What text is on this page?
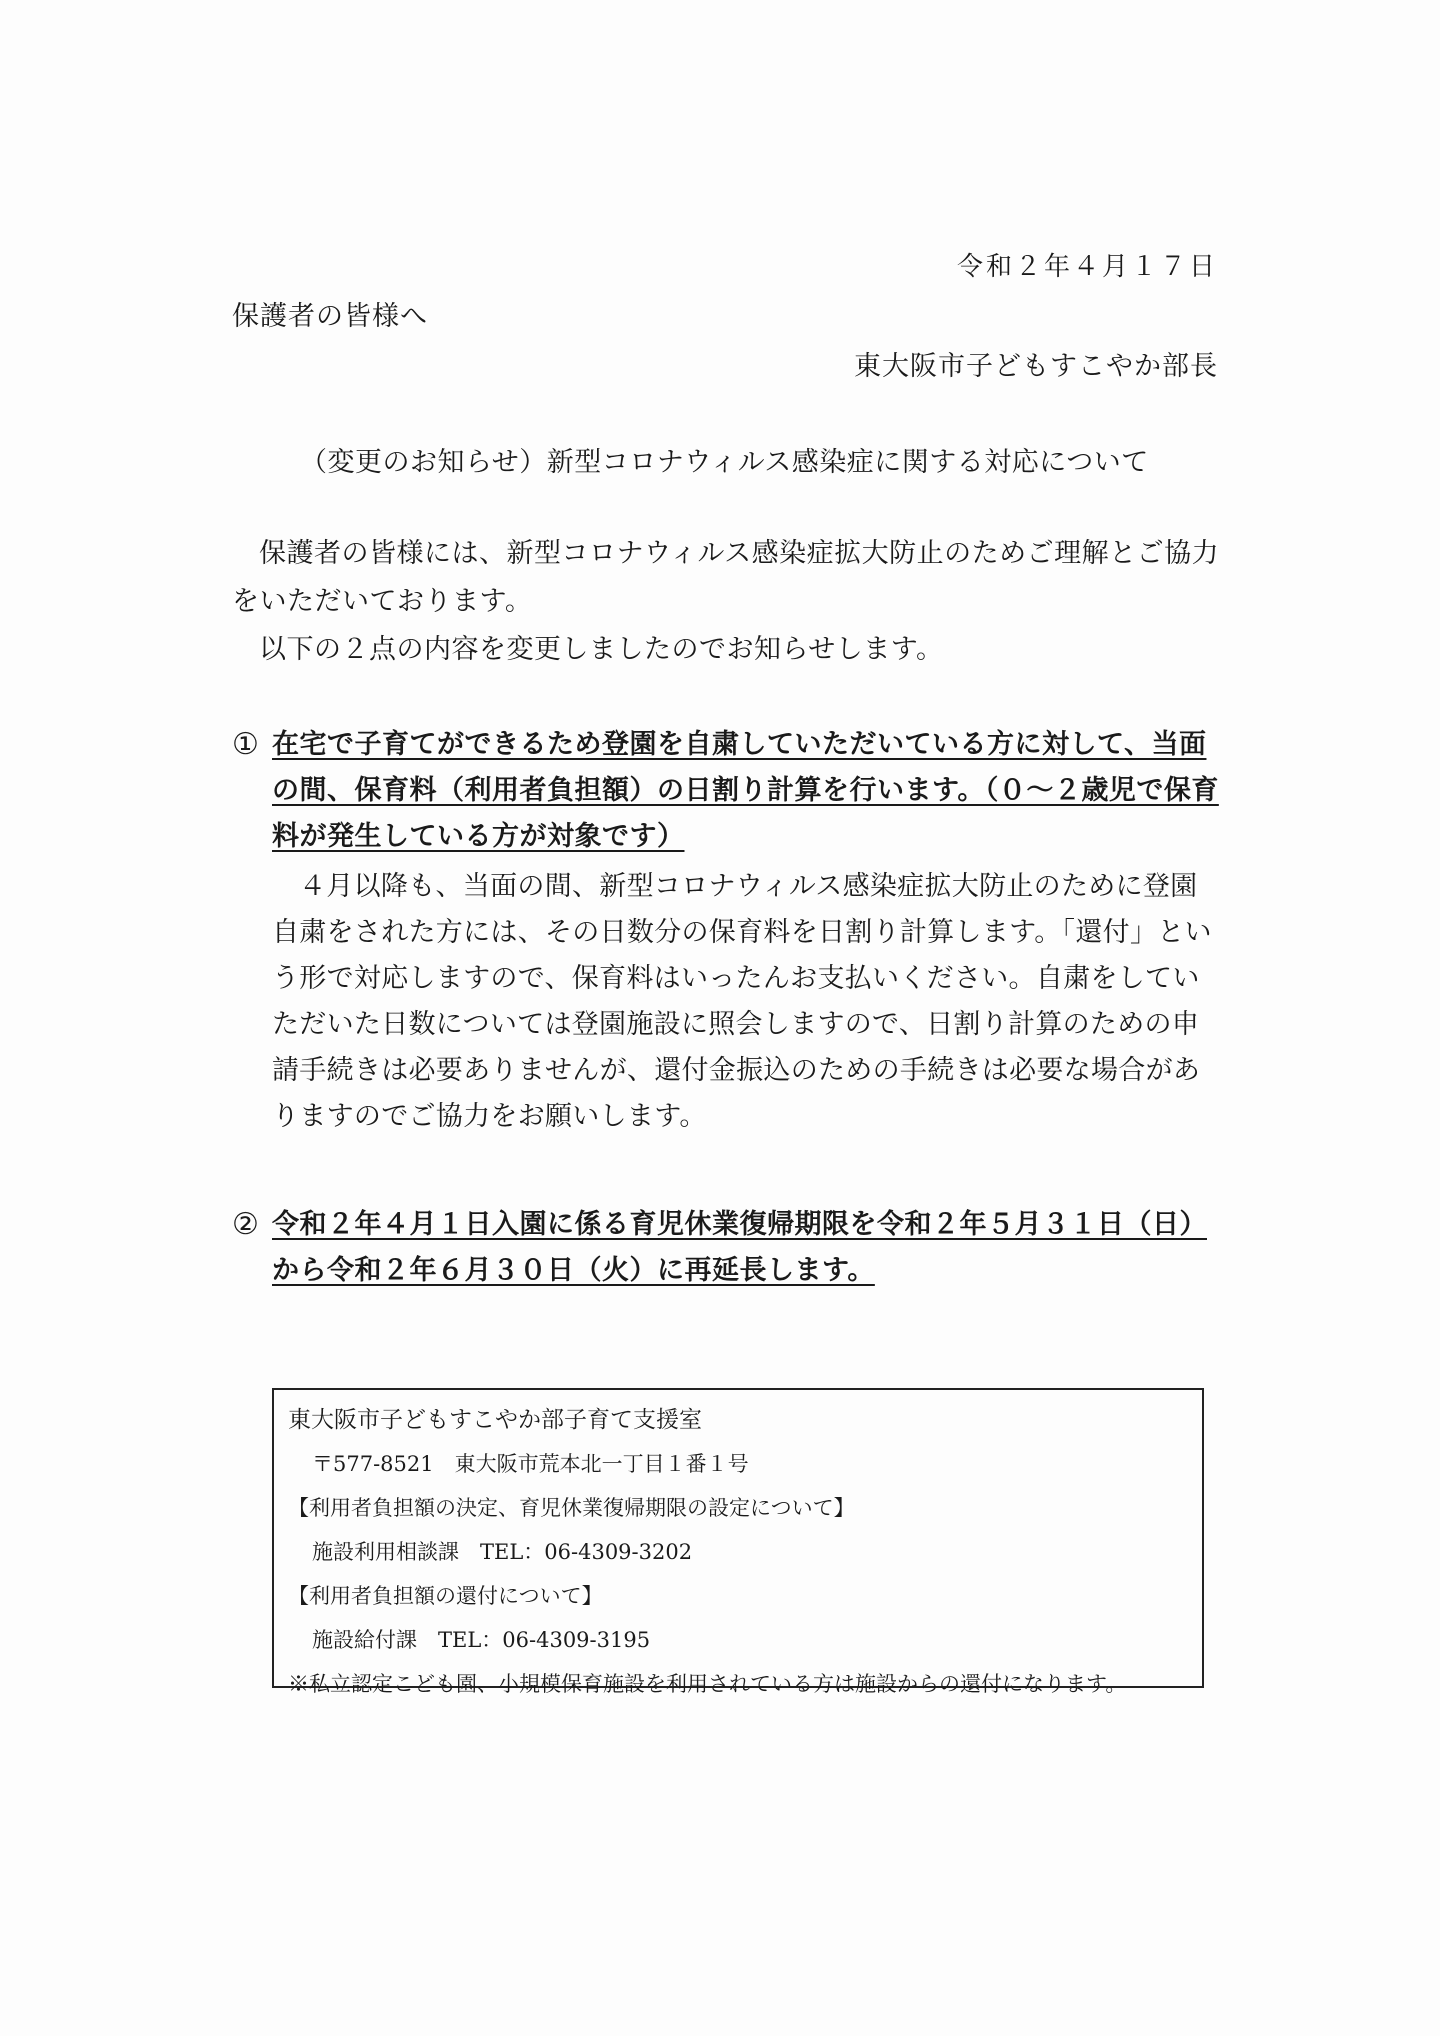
令和２年４月１７日
保護者の皆様へ
東大阪市子どもすこやか部長
（変更のお知らせ）新型コロナウィルス感染症に関する対応について
保護者の皆様には、新型コロナウィルス感染症拡大防止のためご理解とご協力をいただいております。
以下の２点の内容を変更しましたのでお知らせします。
① 在宅で子育てができるため登園を自粛していただいている方に対して、当面の間、保育料（利用者負担額）の日割り計算を行います。（０～２歳児で保育料が発生している方が対象です）
４月以降も、当面の間、新型コロナウィルス感染症拡大防止のために登園自粛をされた方には、その日数分の保育料を日割り計算します。「還付」という形で対応しますので、保育料はいったんお支払いください。自粛をしていただいた日数については登園施設に照会しますので、日割り計算のための申請手続きは必要ありませんが、還付金振込のための手続きは必要な場合がありますのでご協力をお願いします。
② 令和２年４月１日入園に係る育児休業復帰期限を令和２年５月３１日（日）から令和２年６月３０日（火）に再延長します。
東大阪市子どもすこやか部子育て支援室
〒577-8521　東大阪市荒本北一丁目１番１号
【利用者負担額の決定、育児休業復帰期限の設定について】
施設利用相談課　TEL：06-4309-3202
【利用者負担額の還付について】
施設給付課　TEL：06-4309-3195
※私立認定こども園、小規模保育施設を利用されている方は施設からの還付になります。
